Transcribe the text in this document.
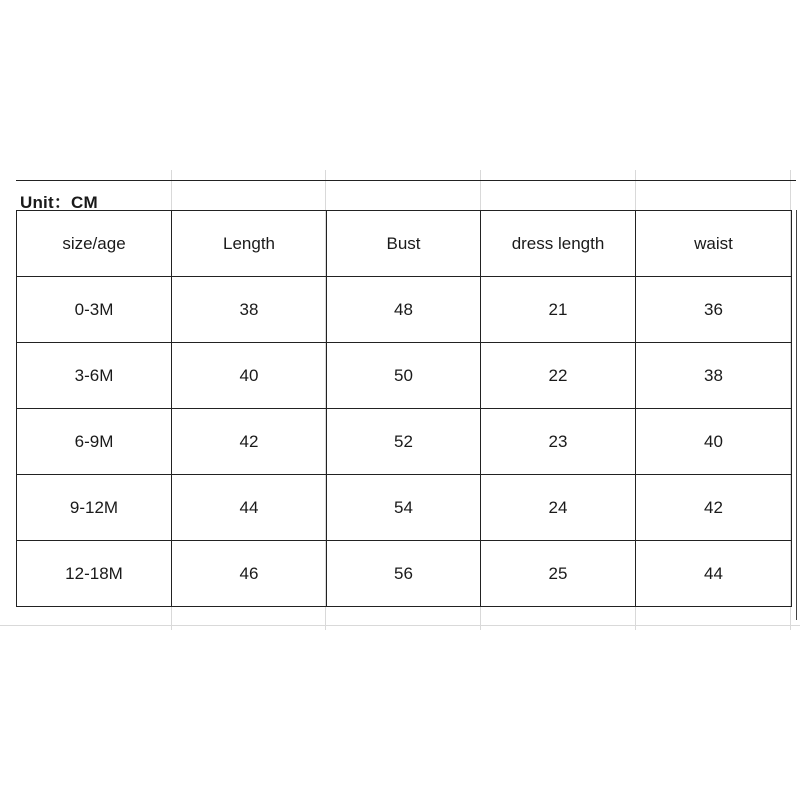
Unit：CM
size/age	Length	Bust	dress length	waist
0-3M	38	48	21	36
3-6M	40	50	22	38
6-9M	42	52	23	40
9-12M	44	54	24	42
12-18M	46	56	25	44
